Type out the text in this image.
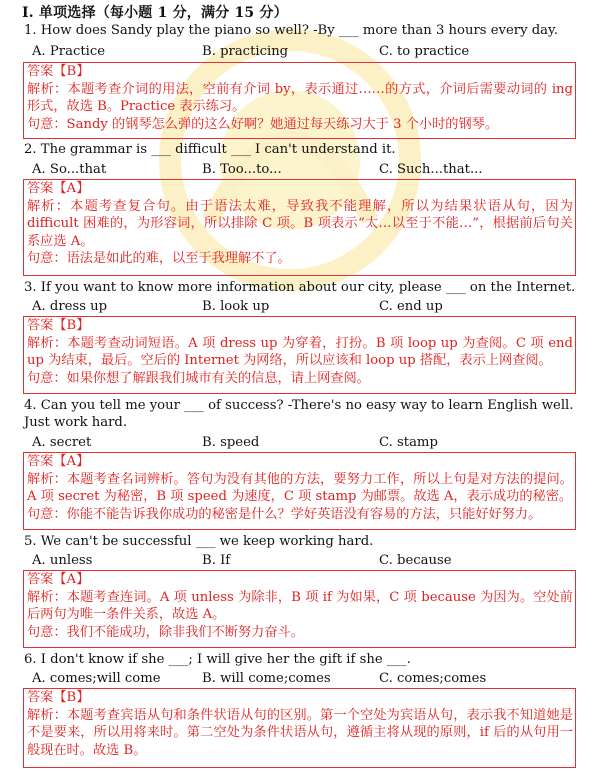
I. 单项选择（每小题 1 分，满分 15 分）
1. How does Sandy play the piano so well? -By ___ more than 3 hours every day.
A. Practice	B. practicing	C. to practice
答案【B】
解析：本题考查介词的用法，空前有介词 by，表示通过……的方式，介词后需要动词的 ing 形式，故选 B。Practice 表示练习。
句意：Sandy 的钢琴怎么弹的这么好啊？她通过每天练习大于 3 个小时的钢琴。
2. The grammar is ___ difficult ___ I can't understand it.
A. So...that	B. Too...to...	C. Such...that...
答案【A】
解析：本题考查复合句。由于语法太难，导致我不能理解，所以为结果状语从句，因为 difficult 困难的，为形容词，所以排除 C 项。B 项表示“太…以至于不能…”，根据前后句关系应选 A。
句意：语法是如此的难，以至于我理解不了。
3. If you want to know more information about our city, please ___ on the Internet.
A. dress up	B. look up	C. end up
答案【B】
解析：本题考查动词短语。A 项 dress up 为穿着，打扮。B 项 loop up 为查阅。C 项 end up 为结束，最后。空后的 Internet 为网络，所以应该和 loop up 搭配，表示上网查阅。
句意：如果你想了解跟我们城市有关的信息，请上网查阅。
4. Can you tell me your ___ of success? -There's no easy way to learn English well. Just work hard.
A. secret	B. speed	C. stamp
答案【A】
解析：本题考查名词辨析。答句为没有其他的方法，要努力工作，所以上句是对方法的提问。A 项 secret 为秘密，B 项 speed 为速度，C 项 stamp 为邮票。故选 A，表示成功的秘密。
句意：你能不能告诉我你成功的秘密是什么？学好英语没有容易的方法，只能好好努力。
5. We can't be successful ___ we keep working hard.
A. unless	B. If	C. because
答案【A】
解析：本题考查连词。A 项 unless 为除非，B 项 if 为如果，C 项 because 为因为。空处前后两句为唯一条件关系，故选 A。
句意：我们不能成功，除非我们不断努力奋斗。
6. I don't know if she ___; I will give her the gift if she ___.
A. comes;will come	B. will come;comes	C. comes;comes
答案【B】
解析：本题考查宾语从句和条件状语从句的区别。第一个空处为宾语从句，表示我不知道她是不是要来，所以用将来时。第二空处为条件状语从句，遵循主将从现的原则，if 后的从句用一般现在时。故选 B。
